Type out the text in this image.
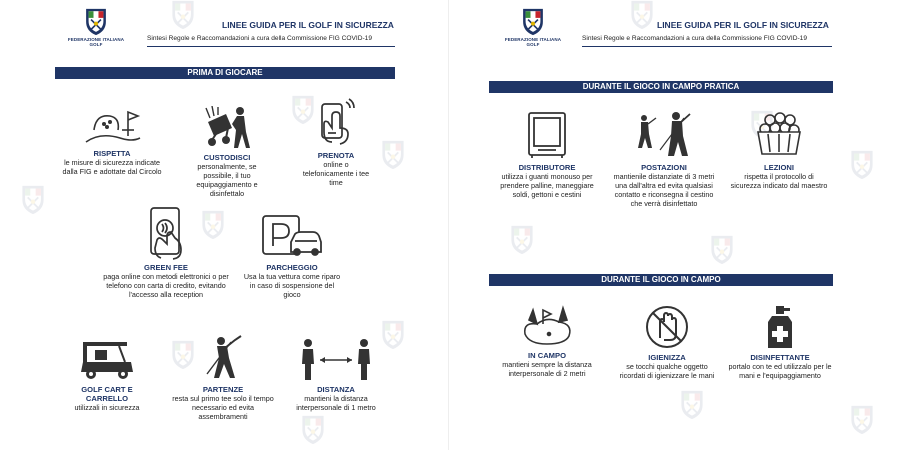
FEDERAZIONE ITALIANA GOLF
LINEE GUIDA PER IL GOLF IN SICUREZZA
Sintesi Regole e Raccomandazioni a cura della Commissione FIG COVID-19
PRIMA DI GIOCARE
RISPETTA
le misure di sicurezza indicate dalla FIG e adottate dal Circolo
CUSTODISCI
personalmente, se possibile, il tuo equipaggiamento e disinfettalo
PRENOTA
online o telefonicamente i tee time
GREEN FEE
paga online con metodi elettronici o per telefono con carta di credito, evitando l'accesso alla reception
PARCHEGGIO
Usa la tua vettura come riparo in caso di sospensione del gioco
GOLF CART E CARRELLO
utilizzali in sicurezza
PARTENZE
resta sul primo tee solo il tempo necessario ed evita assembramenti
DISTANZA
mantieni la distanza interpersonale di 1 metro
FEDERAZIONE ITALIANA GOLF
LINEE GUIDA PER IL GOLF IN SICUREZZA
Sintesi Regole e Raccomandazioni a cura della Commissione FIG COVID-19
DURANTE IL GIOCO IN CAMPO PRATICA
DISTRIBUTORE
utilizza i guanti monouso per prendere palline, maneggiare soldi, gettoni e cestini
POSTAZIONI
mantienile distanziate di 3 metri una dall'altra ed evita qualsiasi contatto e riconsegna il cestino che verrà disinfettato
LEZIONI
rispetta il protocollo di sicurezza indicato dal maestro
DURANTE IL GIOCO IN CAMPO
IN CAMPO
mantieni sempre la distanza interpersonale di 2 metri
IGIENIZZA
se tocchi qualche oggetto ricordati di igienizzare le mani
DISINFETTANTE
portalo con te ed utilizzalo per le mani e l'equipaggiamento
